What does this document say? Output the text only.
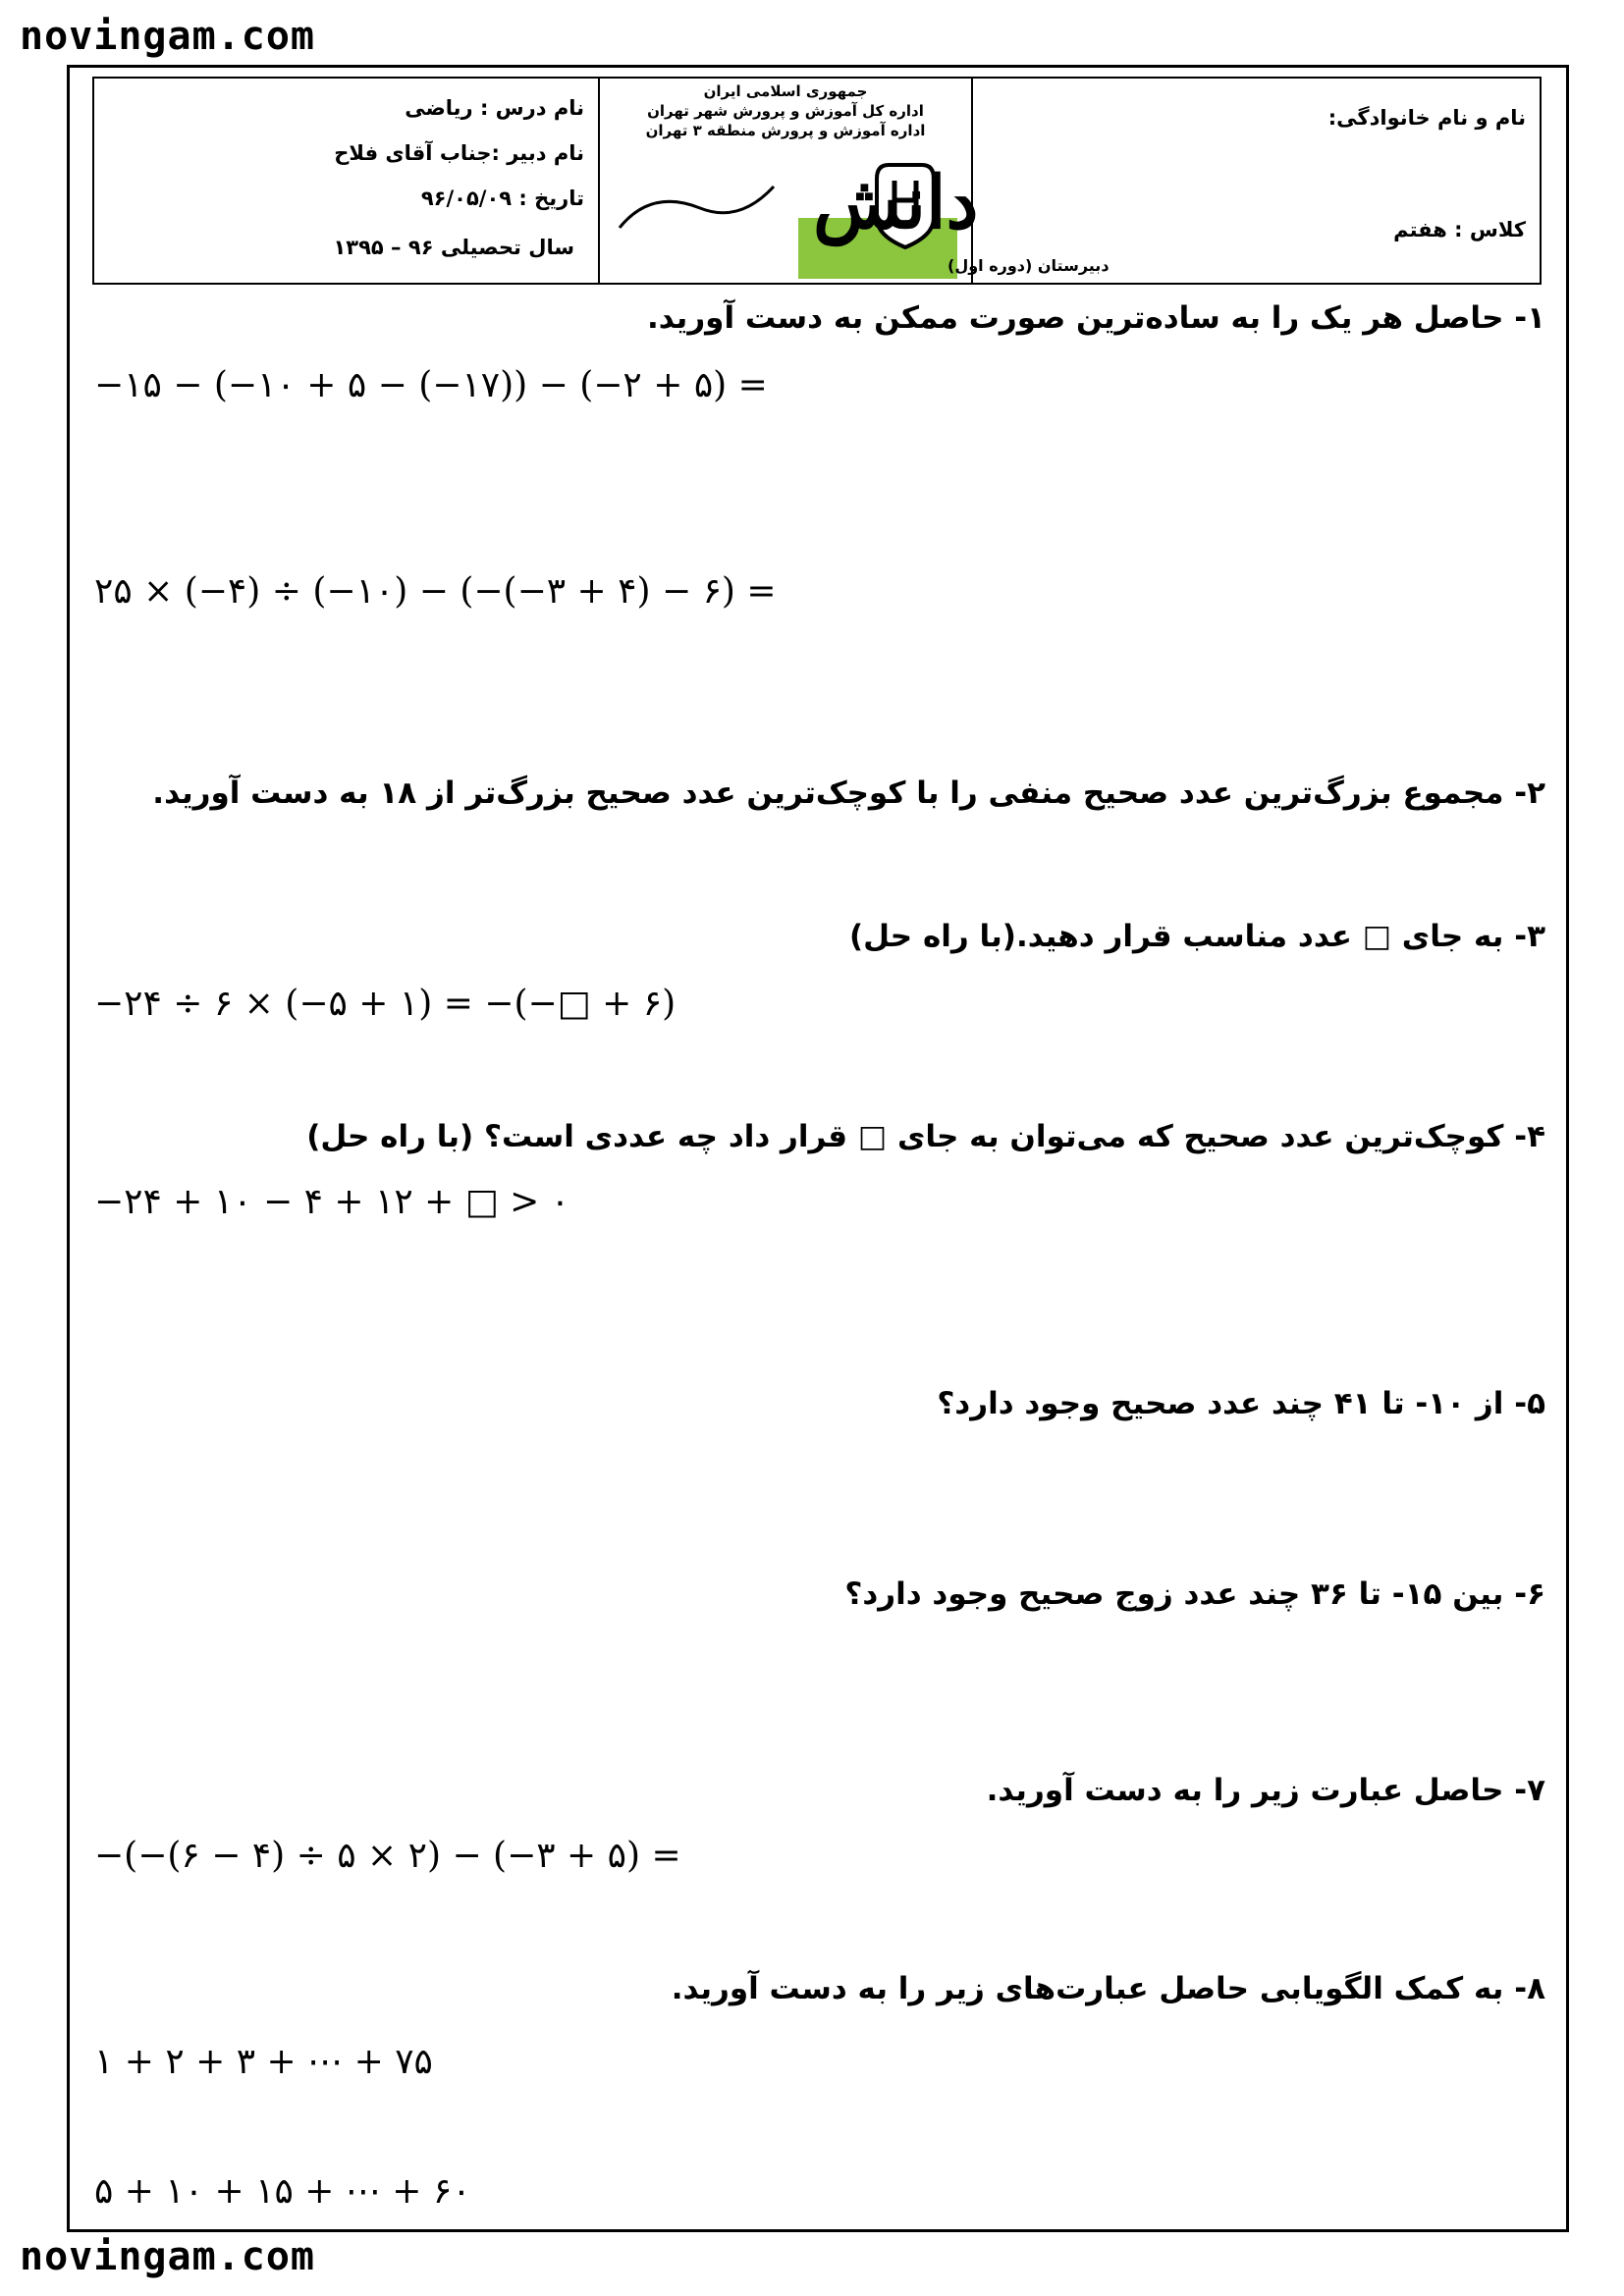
novingam.com
نام درس : ریاضی
نام دبیر :جناب آقای فلاح
تاریخ : ۹۶/۰۵/۰۹
سال تحصیلی ۹۶ – ۱۳۹۵
جمهوری اسلامی ایران
اداره کل آموزش و پرورش شهر تهران
اداره آموزش و پرورش منطقه ۳ تهران
دانش
دبیرستان (دوره اول)
نام و نام خانوادگی:
کلاس : هفتم
۱- حاصل هر یک را به ساده‌ترین صورت ممکن به دست آورید.
−۱۵ − (−۱۰ + ۵ − (−۱۷)) − (−۲ + ۵) =
۲۵ × (−۴) ÷ (−۱۰) − (−(−۳ + ۴) − ۶) =
۲- مجموع بزرگ‌ترین عدد صحیح منفی را با کوچک‌ترین عدد صحیح بزرگ‌تر از ۱۸ به دست آورید.
۳- به جای □ عدد مناسب قرار دهید.(با راه حل)
−۲۴ ÷ ۶ × (−۵ + ۱) = −(−□ + ۶)
۴- کوچک‌ترین عدد صحیح که می‌توان به جای □ قرار داد چه عددی است؟ (با راه حل)
−۲۴ + ۱۰ − ۴ + ۱۲ + □ > ۰
۵- از ۱۰- تا ۴۱ چند عدد صحیح وجود دارد؟
۶- بین ۱۵- تا ۳۶ چند عدد زوج صحیح وجود دارد؟
۷- حاصل عبارت زیر را به دست آورید.
−(−(۶ − ۴) ÷ ۵ × ۲) − (−۳ + ۵) =
۸- به کمک الگویابی حاصل عبارت‌های زیر را به دست آورید.
۱ + ۲ + ۳ + ⋯ + ۷۵
۵ + ۱۰ + ۱۵ + ⋯ + ۶۰
novingam.com
